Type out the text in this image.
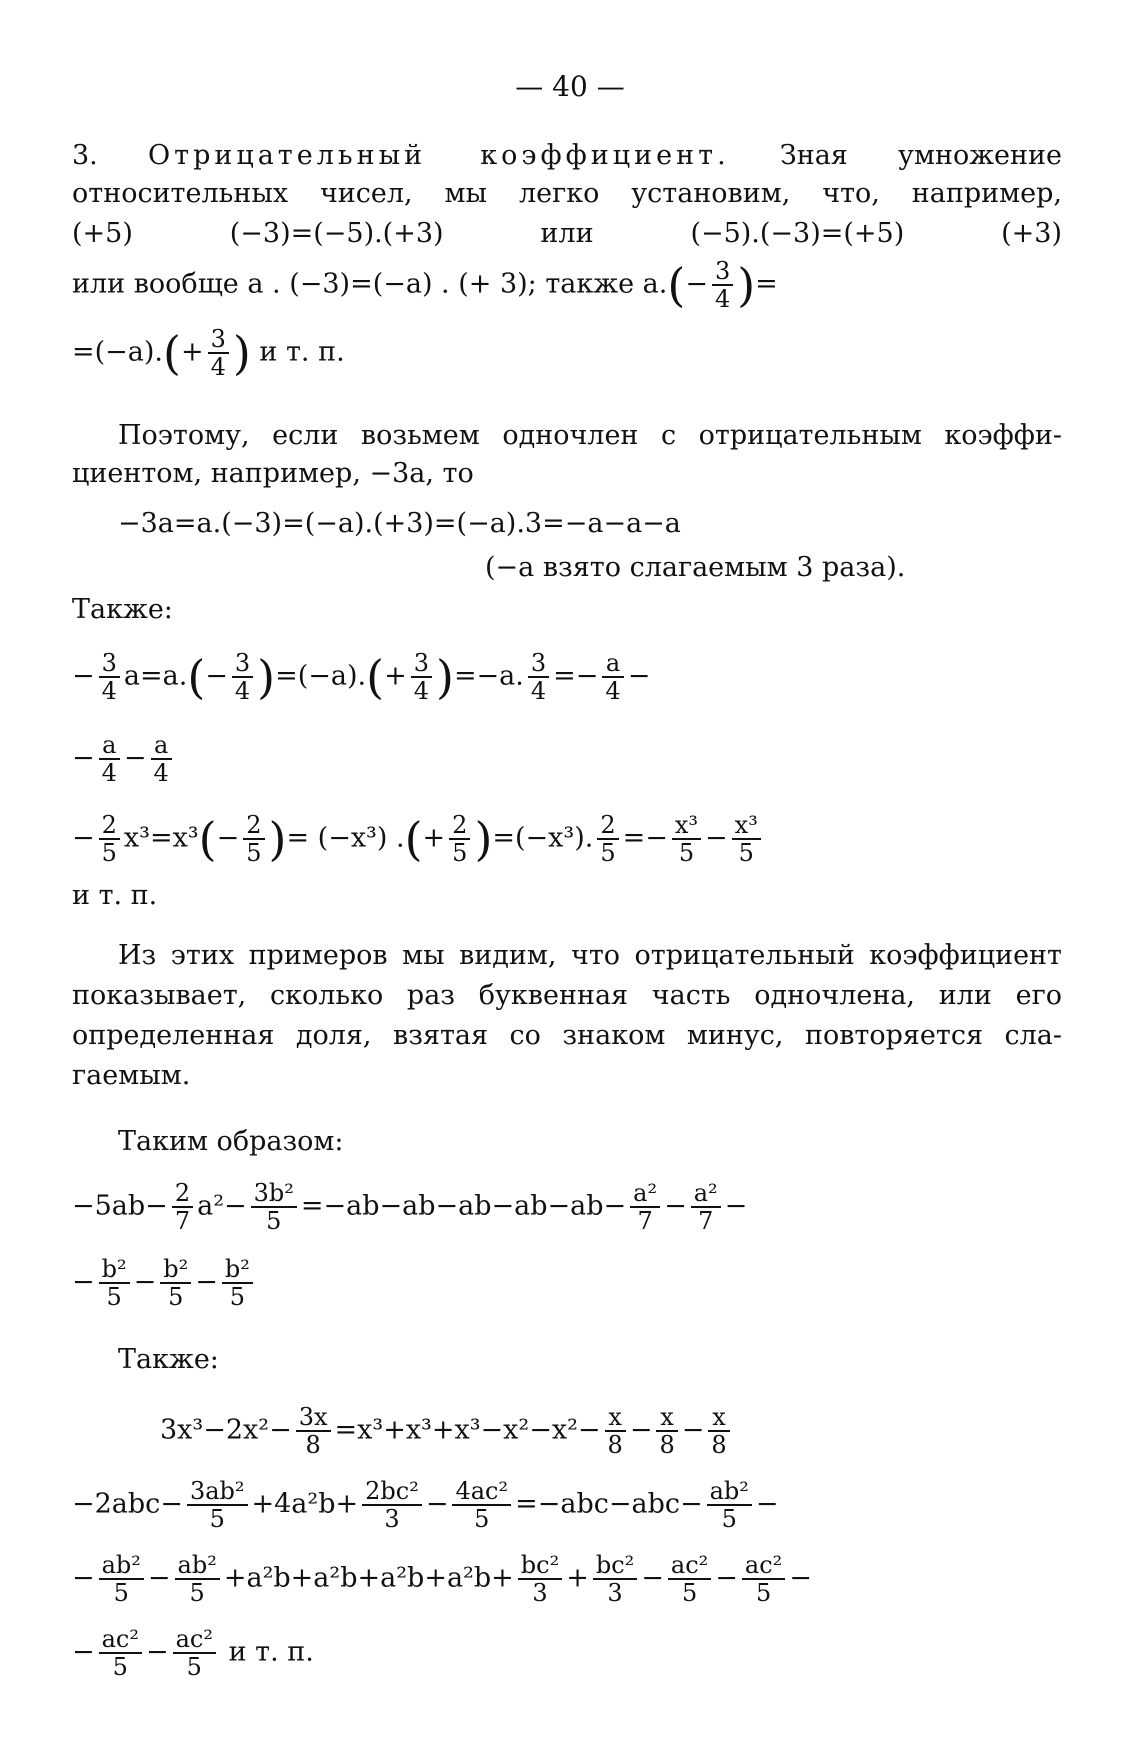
— 40 —
3. Отрицательный коэффициент. Зная умножение
относительных чисел, мы легко установим, что, например,
(+5) (−3)=(−5).(+3) или (−5).(−3)=(+5) (+3)
или вообще a . (−3)=(−a) . (+ 3); также $a.(- \frac{3}{4}$ )=
$=(-a).(+ \frac{3}{4}$ ) и т. п.
Поэтому, если возьмем одночлен с отрицательным коэффи-
циентом, например, −3a, то
−3a=a.(−3)=(−a).(+3)=(−a).3=−a−a−a
(−a взято слагаемым 3 раза).
Также:
− $\frac{3}{4} a=a.(- \frac{3}{4} )=(-a).(+ \frac{3}{4} )=-a$. $\frac{3}{4} =- \frac{a}{4}$ −
− $\frac{a}{4} - \frac{a}{4}$
− $\frac{2}{5} x^3=x^3(- \frac{2}{5}$ )= (−x³) .(+ $\frac{2}{5} )=(-x^3)$. $\frac{2}{5} =- \frac{\text{x³}}{5} - \frac{\text{x³}}{5}$
и т. п.
Из этих примеров мы видим, что отрицательный коэффициент
показывает, сколько раз буквенная часть одночлена, или его
определенная доля, взятая со знаком минус, повторяется сла-
гаемым.
Таким образом:
$-5ab- \frac{2}{7} a^2- \frac{\text{3b²}}{5} =-ab-ab-ab-ab-ab- \frac{\text{a²}}{7} - \frac{\text{a²}}{7}$ −
− $\frac{\text{b²}}{5} - \frac{\text{b²}}{5} - \frac{\text{b²}}{5}$
Также:
$3x^3-2x^2- \frac{3x}{8} =x^3+x^3+x^3-x^2-x^2- \frac{x}{8} - \frac{x}{8} - \frac{x}{8}$
$-2abc- \frac{\text{3ab²}}{5} +4a^2b+ \frac{\text{2bc²}}{3} - \frac{\text{4ac²}}{5} =-abc-abc- \frac{\text{ab²}}{5}$ −
− $\frac{\text{ab²}}{5} - \frac{\text{ab²}}{5} +a^2b+a^2b+a^2b+a^2b+ \frac{\text{bc²}}{3} + \frac{\text{bc²}}{3} - \frac{\text{ac²}}{5} - \frac{\text{ac²}}{5}$ −
− $\frac{\text{ac²}}{5} - \frac{\text{ac²}}{5}$ и т. п.
